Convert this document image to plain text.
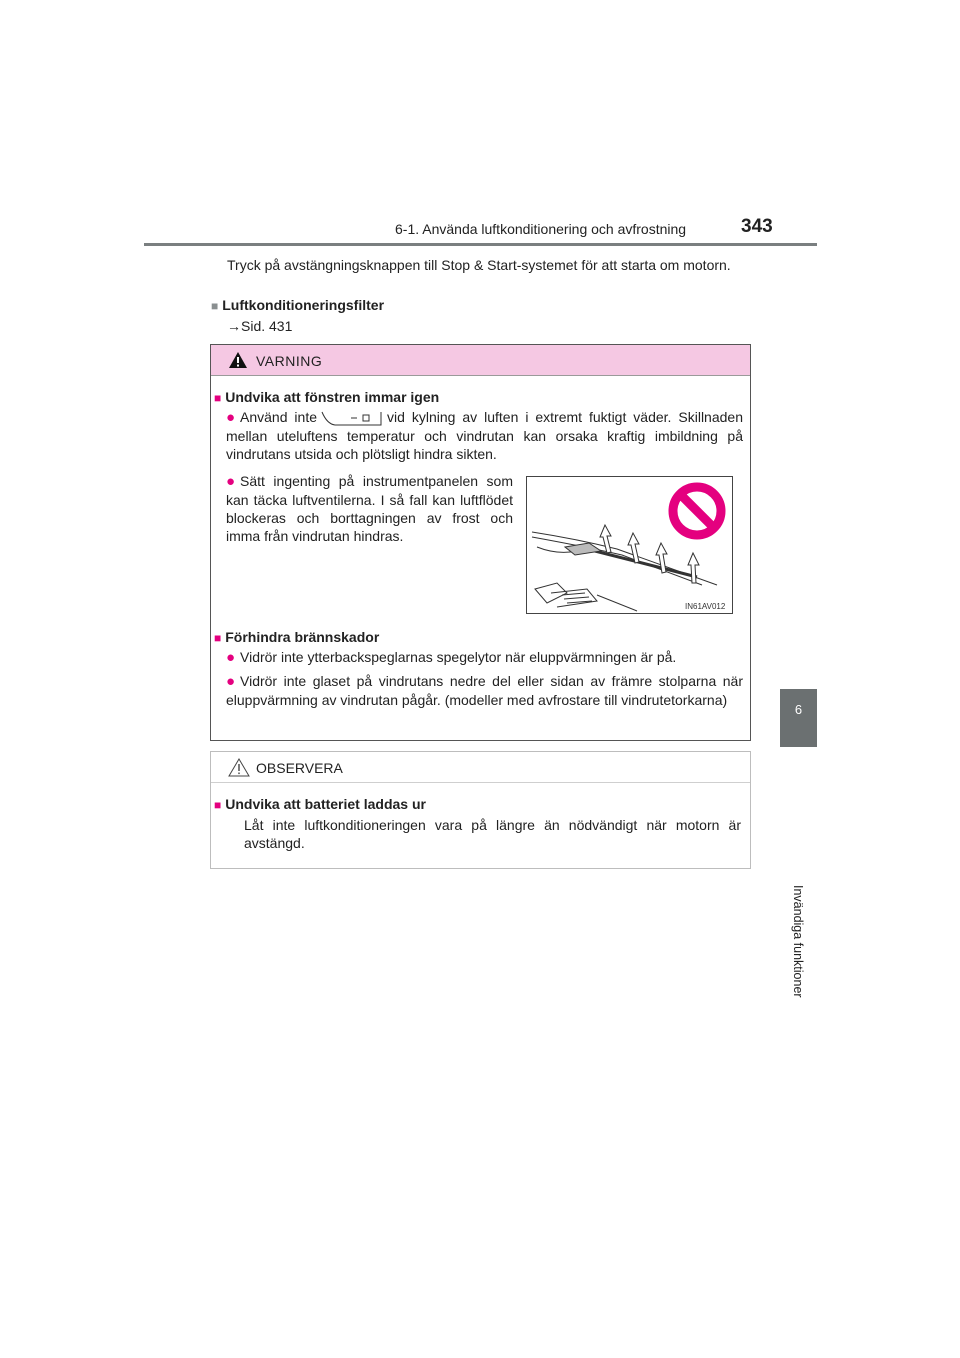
6-1. Använda luftkonditionering och avfrostning	343
6
Invändiga funktioner
Tryck på avstängningsknappen till Stop & Start-systemet för att starta om motorn.
■ Luftkonditioneringsfilter
→Sid. 431
VARNING
■ Undvika att fönstren immar igen
● Använd inte	vid kylning av luften i extremt fuktigt väder. Skillnaden mellan uteluftens temperatur och vindrutan kan orsaka kraftig imbildning på vindrutans utsida och plötsligt hindra sikten.
● Sätt ingenting på instrumentpanelen som kan täcka luftventilerna. I så fall kan luftflödet blockeras och borttagningen av frost och imma från vindrutan hindras.
IN61AV012
■ Förhindra brännskador
● Vidrör inte ytterbackspeglarnas spegelytor när eluppvärmningen är på.
● Vidrör inte glaset på vindrutans nedre del eller sidan av främre stolparna när eluppvärmning av vindrutan pågår. (modeller med avfrostare till vindrutetorkarna)
OBSERVERA
■ Undvika att batteriet laddas ur
Låt inte luftkonditioneringen vara på längre än nödvändigt när motorn är avstängd.
